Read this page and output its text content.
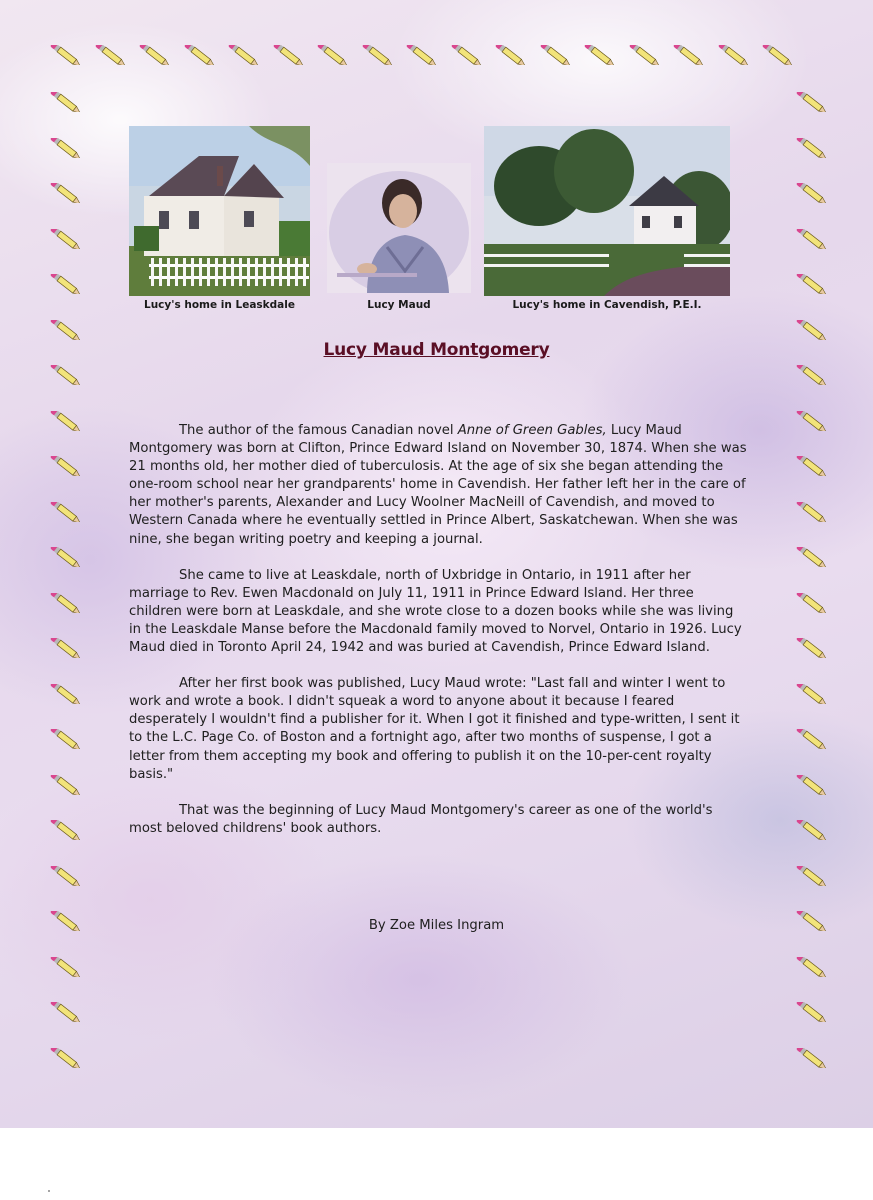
Lucy's home in Leaskdale	Lucy Maud	Lucy's home in Cavendish, P.E.I.
Lucy Maud Montgomery

The author of the famous Canadian novel Anne of Green Gables, Lucy Maud Montgomery was born at Clifton, Prince Edward Island on November 30, 1874. When she was 21 months old, her mother died of tuberculosis. At the age of six she began attending the one-room school near her grandparents' home in Cavendish. Her father left her in the care of her mother's parents, Alexander and Lucy Woolner MacNeill of Cavendish, and moved to Western Canada where he eventually settled in Prince Albert, Saskatchewan. When she was nine, she began writing poetry and keeping a journal.

She came to live at Leaskdale, north of Uxbridge in Ontario, in 1911 after her marriage to Rev. Ewen Macdonald on July 11, 1911 in Prince Edward Island. Her three children were born at Leaskdale, and she wrote close to a dozen books while she was living in the Leaskdale Manse before the Macdonald family moved to Norvel, Ontario in 1926. Lucy Maud died in Toronto April 24, 1942 and was buried at Cavendish, Prince Edward Island.

After her first book was published, Lucy Maud wrote: "Last fall and winter I went to work and wrote a book. I didn't squeak a word to anyone about it because I feared desperately I wouldn't find a publisher for it. When I got it finished and type-written, I sent it to the L.C. Page Co. of Boston and a fortnight ago, after two months of suspense, I got a letter from them accepting my book and offering to publish it on the 10-per-cent royalty basis."

That was the beginning of Lucy Maud Montgomery's career as one of the world's most beloved childrens' book authors.

By Zoe Miles Ingram
